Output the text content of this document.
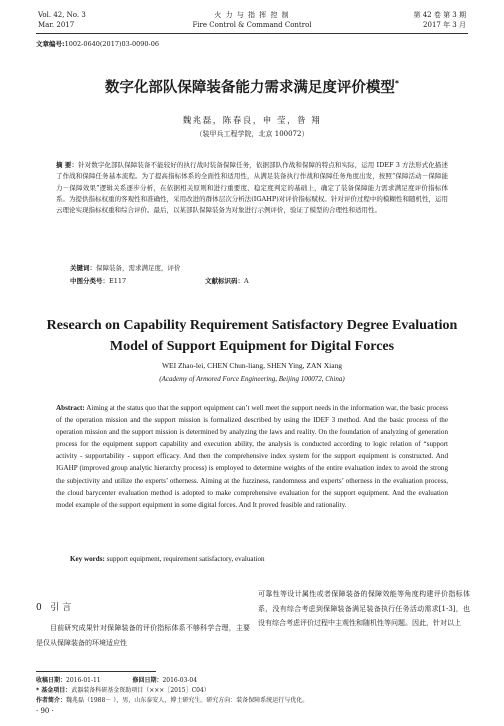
Vol. 42, No. 3
Mar. 2017
火 力 与 指 挥 控 制
Fire Control & Command Control
第 42 卷 第 3 期
2017 年 3 月
文章编号:1002-0640(2017)03-0090-06
数字化部队保障装备能力需求满足度评价模型*
魏兆磊，陈春良，申 莹，昝 翔
（装甲兵工程学院，北京 100072）
摘 要：针对数字化部队保障装备不能较好的执行战时装备保障任务，依据部队作战和保障的特点和实际，运用 IDEF 3 方法形式化描述了作战和保障任务基本流程。为了提高指标体系的全面性和适用性，从满足装备执行作战和保障任务角度出发，按照“保障活动－保障能力－保障效果”逻辑关系逐步分析，在依据相关原则和进行重要度、稳定度判定的基础上，确定了装备保障能力需求满足度评价指标体系。为提供指标权重的客观性和准确性，采用改进的群体层次分析法(IGAHP)对评价指标赋权。针对评价过程中的模糊性和随机性，运用云理论实现指标权重和综合评价。最后，以某部队保障装备为对象进行示例评价，验证了模型的合理性和适用性。
关键词：保障装备，需求满足度，评价
中图分类号：E117	文献标识码：A
Research on Capability Requirement Satisfactory Degree Evaluation
Model of Support Equipment for Digital Forces
WEI Zhao-lei, CHEN Chun-liang, SHEN Ying, ZAN Xiang
(Academy of Armored Force Engineering, Beijing 100072, China)
Abstract: Aiming at the status quo that the support equipment can’t well meet the support needs in the information war, the basic process of the operation mission and the support mission is formalized described by using the IDEF 3 method. And the basic process of the operation mission and the support mission is determined by analyzing the laws and reality. On the foundation of analyzing of generation process for the equipment support capability and execution ability, the analysis is conducted according to logic relation of “support activity - supportability - support efficacy. And then the comprehensive index system for the support equipment is constructed. And IGAHP (improved group analytic hierarchy process) is employed to determine weights of the entire evaluation index to avoid the strong the subjectivity and utilize the experts’ otherness. Aiming at the fuzziness, randomness and experts’ otherness in the evaluation process, the cloud barycenter evaluation method is adopted to make comprehensive evaluation for the support equipment. And the evaluation model example of the support equipment in some digital forces. And It proved feasible and rationality.
Key words: support equipment, requirement satisfactory, evaluation
0 引 言
目前研究成果针对保障装备的评价指标体系不够科学合理，主要是仅从保障装备的环境适应性
可靠性等设计属性或者保障装备的保障效能等角度构建评价指标体系，没有综合考虑到保障装备满足装备执行任务活动需求[1-3]，也没有综合考虑评价过程中主观性和随机性等问题。因此，针对以上
收稿日期：2016-01-11	修回日期：2016-03-04
* 基金项目：武器装备科研基金资助项目（×××［2015］C04）
作者简介：魏兆磊（1988－ ），男，山东泰安人，博士研究生。研究方向：装备保障系统运行与优化。
· 90 ·
